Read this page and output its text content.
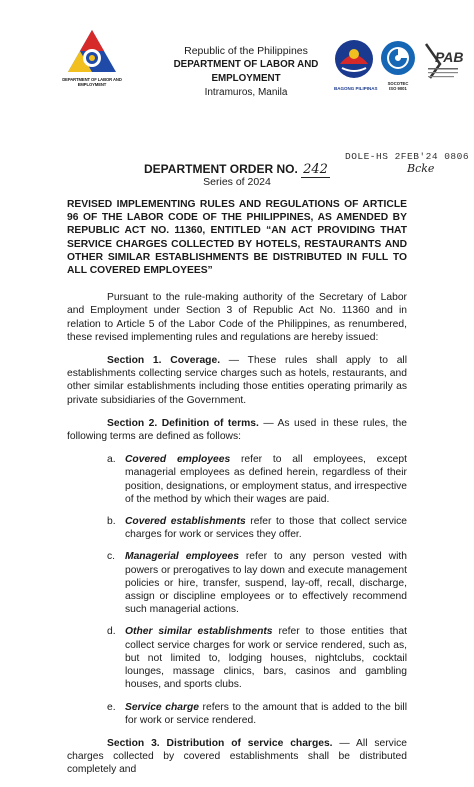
DEPARTMENT OF LABOR AND EMPLOYMENT
Republic of the Philippines
DEPARTMENT OF LABOR AND EMPLOYMENT
Intramuros, Manila	BAGONG PILIPINAS
SOCOTEC
ISO 9001
PAB
DOLE-HS 2FEB'24 0806
Bcke
DEPARTMENT ORDER NO. 242
Series of 2024

REVISED IMPLEMENTING RULES AND REGULATIONS OF ARTICLE 96 OF THE LABOR CODE OF THE PHILIPPINES, AS AMENDED BY REPUBLIC ACT NO. 11360, ENTITLED “AN ACT PROVIDING THAT SERVICE CHARGES COLLECTED BY HOTELS, RESTAURANTS AND OTHER SIMILAR ESTABLISHMENTS BE DISTRIBUTED IN FULL TO ALL COVERED EMPLOYEES”

Pursuant to the rule-making authority of the Secretary of Labor and Employment under Section 3 of Republic Act No. 11360 and in relation to Article 5 of the Labor Code of the Philippines, as renumbered, these revised implementing rules and regulations are hereby issued:

Section 1. Coverage. — These rules shall apply to all establishments collecting service charges such as hotels, restaurants, and other similar establishments including those entities operating primarily as private subsidiaries of the Government.

Section 2. Definition of terms. — As used in these rules, the following terms are defined as follows:

a. Covered employees refer to all employees, except managerial employees as defined herein, regardless of their position, designations, or employment status, and irrespective of the method by which their wages are paid.
b. Covered establishments refer to those that collect service charges for work or services they offer.
c. Managerial employees refer to any person vested with powers or prerogatives to lay down and execute management policies or hire, transfer, suspend, lay-off, recall, discharge, assign or discipline employees or to effectively recommend such managerial actions.
d. Other similar establishments refer to those entities that collect service charges for work or service rendered, such as, but not limited to, lodging houses, nightclubs, cocktail lounges, massage clinics, bars, casinos and gambling houses, and sports clubs.
e. Service charge refers to the amount that is added to the bill for work or service rendered.

Section 3. Distribution of service charges. — All service charges collected by covered establishments shall be distributed completely and
